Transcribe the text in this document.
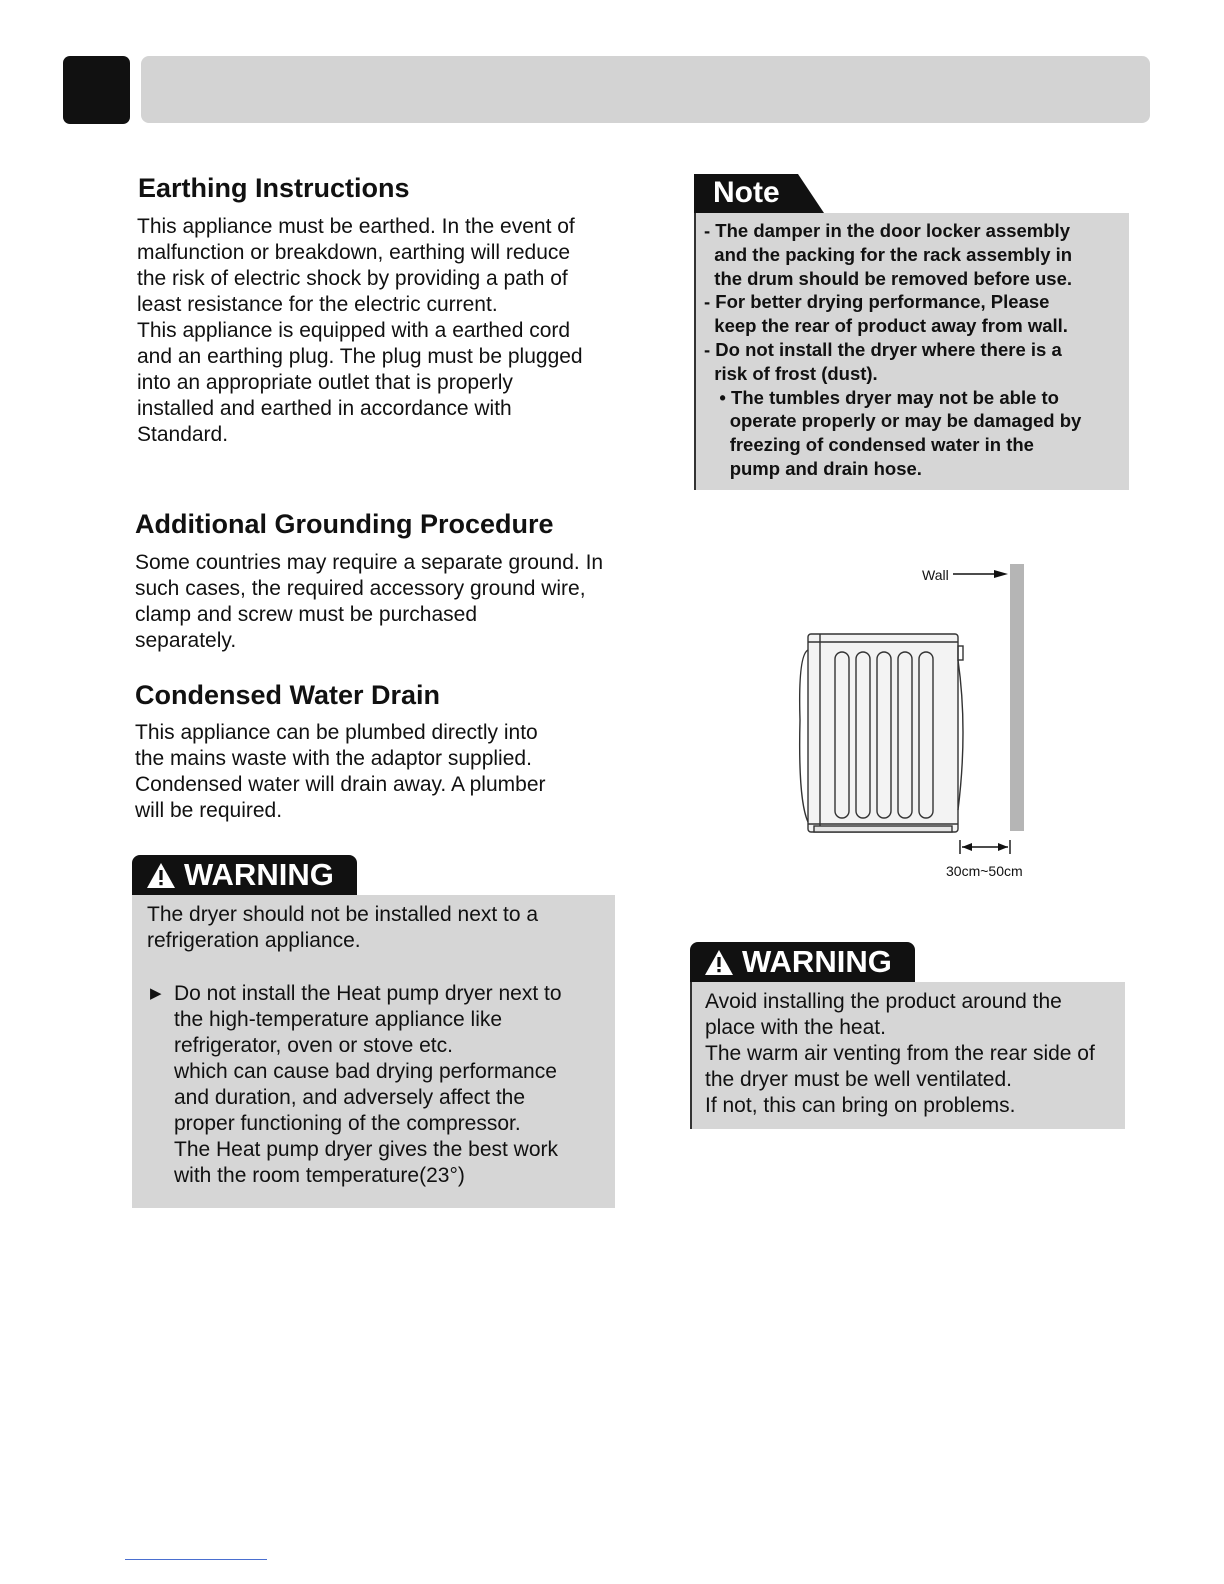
Earthing Instructions
This appliance must be earthed. In the event of
malfunction or breakdown, earthing will reduce
the risk of electric shock by providing a path of
least resistance for the electric current.
This appliance is equipped with a earthed cord
and an earthing plug. The plug must be plugged
into an appropriate outlet that is properly
installed and earthed in accordance with
Standard.
Additional Grounding Procedure
Some countries may require a separate ground. In
such cases, the required accessory ground wire,
clamp and screw must be purchased
separately.
Condensed Water Drain
This appliance can be plumbed directly into
the mains waste with the adaptor supplied.
Condensed water will drain away. A plumber
will be required.
WARNING
The dryer should not be installed next to a
refrigeration appliance.
▶ Do not install the Heat pump dryer next to
the high-temperature appliance like
refrigerator, oven or stove etc.
which can cause bad drying performance
and duration, and adversely affect the
proper functioning of the compressor.
The Heat pump dryer gives the best work
with the room temperature(23°)
Note
- The damper in the door locker assembly
and the packing for the rack assembly in
the drum should be removed before use.
- For better drying performance, Please
keep the rear of product away from wall.
- Do not install the dryer where there is a
risk of frost (dust).
• The tumbles dryer may not be able to
operate properly or may be damaged by
freezing of condensed water in the
pump and drain hose.
Wall
30cm~50cm
WARNING
Avoid installing the product around the
place with the heat.
The warm air venting from the rear side of
the dryer must be well ventilated.
If not, this can bring on problems.
